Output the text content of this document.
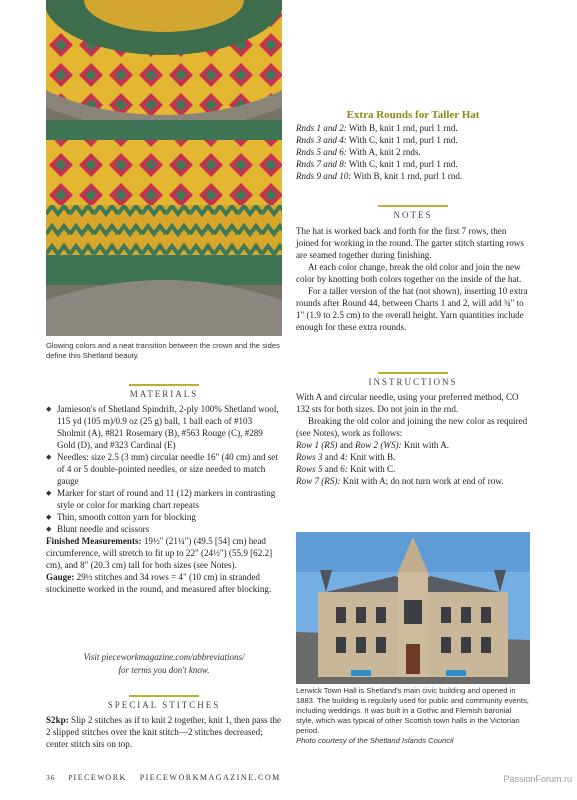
Glowing colors and a neat transition between the crown and the sides define this Shetland beauty.
Extra Rounds for Taller Hat

Rnds 1 and 2: With B, knit 1 rnd, purl 1 rnd.

Rnds 3 and 4: With C, knit 1 rnd, purl 1 rnd.

Rnds 5 and 6: With A, knit 2 rnds.

Rnds 7 and 8: With C, knit 1 rnd, purl 1 rnd.

Rnds 9 and 10: With B, knit 1 rnd, purl 1 rnd.

NOTES

The hat is worked back and forth for the first 7 rows, then joined for working in the round. The garter stitch starting rows are seamed together during finishing.

At each color change, break the old color and join the new color by knotting both colors together on the inside of the hat.

For a taller version of the hat (not shown), inserting 10 extra rounds after Round 44, between Charts 1 and 2, will add ¾" to 1" (1.9 to 2.5 cm) to the overall height. Yarn quantities include enough for these extra rounds.

INSTRUCTIONS

With A and circular needle, using your preferred method, CO 132 sts for both sizes. Do not join in the rnd.

Breaking the old color and joining the new color as required (see Notes), work as follows:

Row 1 (RS) and Row 2 (WS): Knit with A.

Rows 3 and 4: Knit with B.

Rows 5 and 6: Knit with C.

Row 7 (RS): Knit with A; do not turn work at end of row.

MATERIALS
◆ Jamieson's of Shetland Spindrift, 2-ply 100% Shetland wool, 115 yd (105 m)/0.9 oz (25 g) ball, 1 ball each of #103 Sholmit (A), #821 Rosemary (B), #563 Rouge (C), #289 Gold (D), and #323 Cardinal (E)
◆ Needles: size 2.5 (3 mm) circular needle 16" (40 cm) and set of 4 or 5 double-pointed needles, or size needed to match gauge
◆ Marker for start of round and 11 (12) markers in contrasting style or color for marking chart repeats
◆ Thin, smooth cotton yarn for blocking
◆ Blunt needle and scissors

Finished Measurements: 19½" (21¼") (49.5 [54] cm) head circumference, will stretch to fit up to 22" (24½") (55.9 [62.2] cm), and 8" (20.3 cm) tall for both sizes (see Notes).

Gauge: 29½ stitches and 34 rows = 4" (10 cm) in stranded stockinette worked in the round, and measured after blocking.

Visit pieceworkmagazine.com/abbreviations/
for terms you don't know.
SPECIAL STITCHES

S2kp: Slip 2 stitches as if to knit 2 together, knit 1, then pass the 2 slipped stitches over the knit stitch—2 stitches decreased; center stitch sits on top.

Lerwick Town Hall is Shetland's main civic building and opened in 1883. The building is regularly used for public and community events, including weddings. It was built in a Gothic and Flemish baronial style, which was typical of other Scottish town halls in the Victorian period.
Photo courtesy of the Shetland Islands Council
36 PIECEWORK PIECEWORKMAGAZINE.COM	PassionForum.ru
